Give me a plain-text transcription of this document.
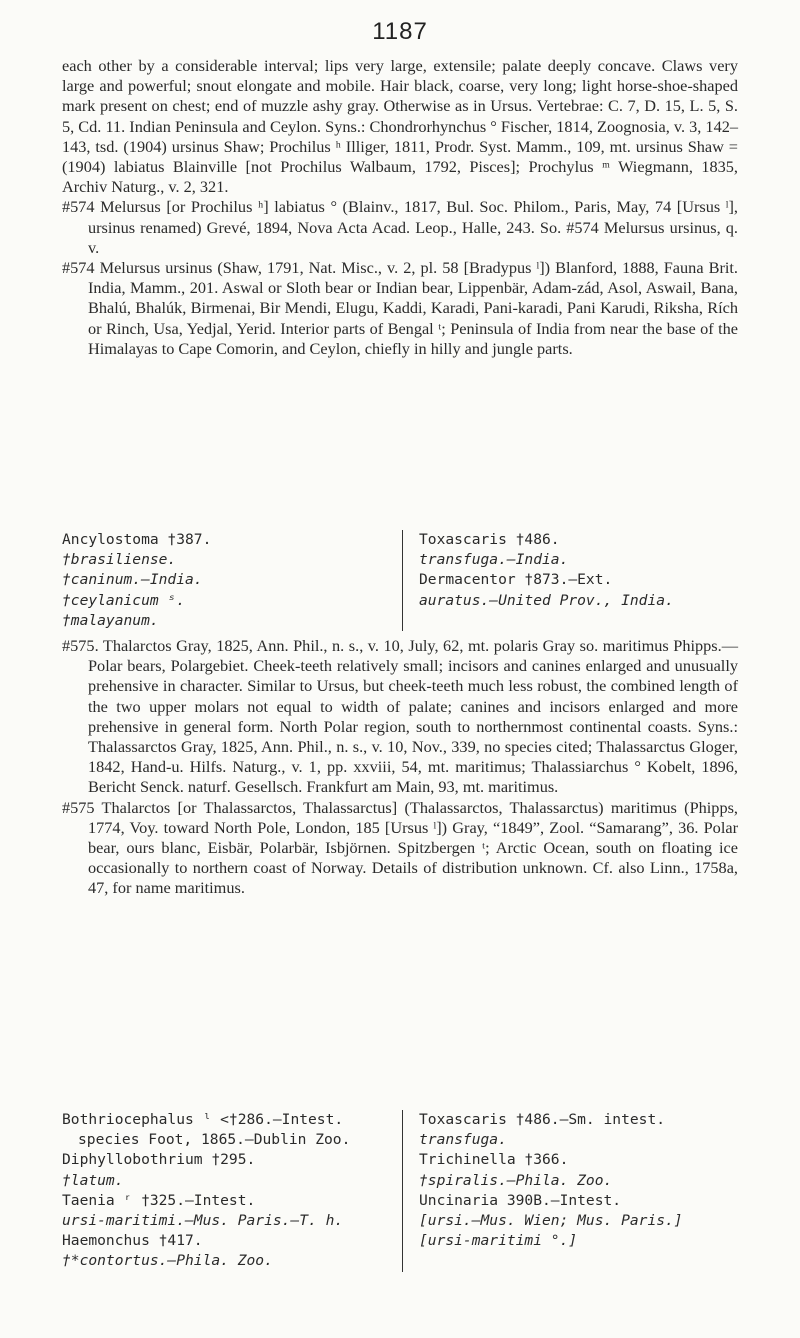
1187

each other by a considerable interval; lips very large, extensile; palate deeply concave. Claws very large and powerful; snout elongate and mobile. Hair black, coarse, very long; light horse-shoe-shaped mark present on chest; end of muzzle ashy gray. Otherwise as in Ursus. Vertebrae: C. 7, D. 15, L. 5, S. 5, Cd. 11. Indian Peninsula and Ceylon. Syns.: Chondrorhynchus ° Fischer, 1814, Zoognosia, v. 3, 142–143, tsd. (1904) ursinus Shaw; Prochilus ʰ Illiger, 1811, Prodr. Syst. Mamm., 109, mt. ursinus Shaw = (1904) labiatus Blainville [not Prochilus Walbaum, 1792, Pisces]; Prochylus ᵐ Wiegmann, 1835, Archiv Naturg., v. 2, 321.

#574 Melursus [or Prochilus ʰ] labiatus ° (Blainv., 1817, Bul. Soc. Philom., Paris, May, 74 [Ursus ˡ], ursinus renamed) Grevé, 1894, Nova Acta Acad. Leop., Halle, 243. So. #574 Melursus ursinus, q. v.

#574 Melursus ursinus (Shaw, 1791, Nat. Misc., v. 2, pl. 58 [Bradypus ˡ]) Blanford, 1888, Fauna Brit. India, Mamm., 201. Aswal or Sloth bear or Indian bear, Lippenbär, Adam-zád, Asol, Aswail, Bana, Bhalú, Bhalúk, Birmenai, Bir Mendi, Elugu, Kaddi, Karadi, Pani-karadi, Pani Karudi, Riksha, Rích or Rinch, Usa, Yedjal, Yerid. Interior parts of Bengal ᵗ; Peninsula of India from near the base of the Himalayas to Cape Comorin, and Ceylon, chiefly in hilly and jungle parts.

Ancylostoma †387.

†brasiliense.

†caninum.—India.

†ceylanicum ˢ.

†malayanum.

Toxascaris †486.

transfuga.—India.

Dermacentor †873.—Ext.

auratus.—United Prov., India.

#575. Thalarctos Gray, 1825, Ann. Phil., n. s., v. 10, July, 62, mt. polaris Gray so. maritimus Phipps.—Polar bears, Polargebiet. Cheek-teeth relatively small; incisors and canines enlarged and unusually prehensive in character. Similar to Ursus, but cheek-teeth much less robust, the combined length of the two upper molars not equal to width of palate; canines and incisors enlarged and more prehensive in general form. North Polar region, south to northernmost continental coasts. Syns.: Thalassarctos Gray, 1825, Ann. Phil., n. s., v. 10, Nov., 339, no species cited; Thalassarctus Gloger, 1842, Hand-u. Hilfs. Naturg., v. 1, pp. xxviii, 54, mt. maritimus; Thalassiarchus ° Kobelt, 1896, Bericht Senck. naturf. Gesellsch. Frankfurt am Main, 93, mt. maritimus.

#575 Thalarctos [or Thalassarctos, Thalassarctus] (Thalassarctos, Thalassarctus) maritimus (Phipps, 1774, Voy. toward North Pole, London, 185 [Ursus ˡ]) Gray, “1849”, Zool. “Samarang”, 36. Polar bear, ours blanc, Eisbär, Polarbär, Isbjörnen. Spitzbergen ᵗ; Arctic Ocean, south on floating ice occasionally to northern coast of Norway. Details of distribution unknown. Cf. also Linn., 1758a, 47, for name maritimus.

Bothriocephalus ˡ <†286.—Intest. species Foot, 1865.—Dublin Zoo.

Diphyllobothrium †295.

†latum.

Taenia ʳ †325.—Intest.

ursi-maritimi.—Mus. Paris.—T. h.

Haemonchus †417.

†*contortus.—Phila. Zoo.

Toxascaris †486.—Sm. intest.

transfuga.

Trichinella †366.

†spiralis.—Phila. Zoo.

Uncinaria 390B.—Intest.

[ursi.—Mus. Wien; Mus. Paris.]

[ursi-maritimi °.]
